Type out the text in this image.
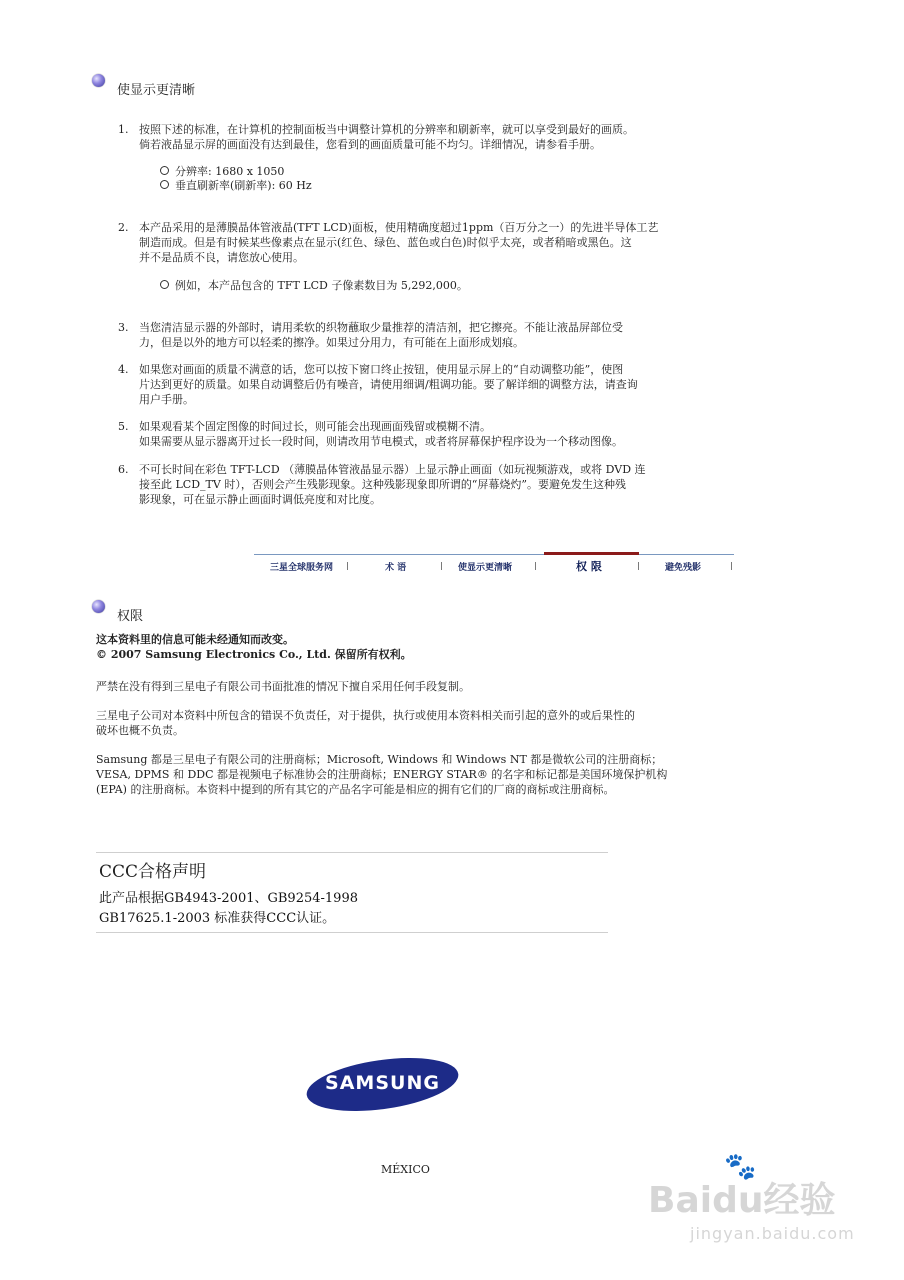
使显示更清晰
1. 按照下述的标准，在计算机的控制面板当中调整计算机的分辨率和刷新率，就可以享受到最好的画质。
倘若液晶显示屏的画面没有达到最佳，您看到的画面质量可能不均匀。详细情况，请参看手册。
分辨率: 1680 x 1050
垂直刷新率(刷新率): 60 Hz
2. 本产品采用的是薄膜晶体管液晶(TFT LCD)面板，使用精确度超过1ppm（百万分之一）的先进半导体工艺
制造而成。但是有时候某些像素点在显示(红色、绿色、蓝色或白色)时似乎太亮，或者稍暗或黑色。这
并不是品质不良，请您放心使用。
例如，本产品包含的 TFT LCD 子像素数目为 5,292,000。
3. 当您清洁显示器的外部时，请用柔软的织物蘸取少量推荐的清洁剂，把它擦亮。不能让液晶屏部位受
力，但是以外的地方可以轻柔的擦净。如果过分用力，有可能在上面形成划痕。
4. 如果您对画面的质量不满意的话，您可以按下窗口终止按钮，使用显示屏上的“自动调整功能”，使图
片达到更好的质量。如果自动调整后仍有噪音，请使用细调/粗调功能。要了解详细的调整方法，请查询
用户手册。
5. 如果观看某个固定图像的时间过长，则可能会出现画面残留或模糊不清。
如果需要从显示器离开过长一段时间，则请改用节电模式，或者将屏幕保护程序设为一个移动图像。
6. 不可长时间在彩色 TFT-LCD （薄膜晶体管液晶显示器）上显示静止画面（如玩视频游戏，或将 DVD 连
接至此 LCD_TV 时），否则会产生残影现象。这种残影现象即所谓的“屏幕烧灼”。要避免发生这种残
影现象，可在显示静止画面时调低亮度和对比度。
三星全球服务网	术 语	使显示更清晰	权 限	避免残影
权限
这本资料里的信息可能未经通知而改变。
© 2007 Samsung Electronics Co., Ltd. 保留所有权利。
严禁在没有得到三星电子有限公司书面批准的情况下擅自采用任何手段复制。
三星电子公司对本资料中所包含的错误不负责任，对于提供，执行或使用本资料相关而引起的意外的或后果性的
破坏也概不负责。
Samsung 都是三星电子有限公司的注册商标；Microsoft, Windows 和 Windows NT 都是微软公司的注册商标；
VESA, DPMS 和 DDC 都是视频电子标准协会的注册商标；ENERGY STAR® 的名字和标记都是美国环境保护机构
(EPA) 的注册商标。本资料中提到的所有其它的产品名字可能是相应的拥有它们的厂商的商标或注册商标。
CCC合格声明
此产品根据GB4943-2001、GB9254-1998
GB17625.1-2003 标准获得CCC认证。
SAMSUNG
MÉXICO	🐾
Baidu经验
jingyan.baidu.com
